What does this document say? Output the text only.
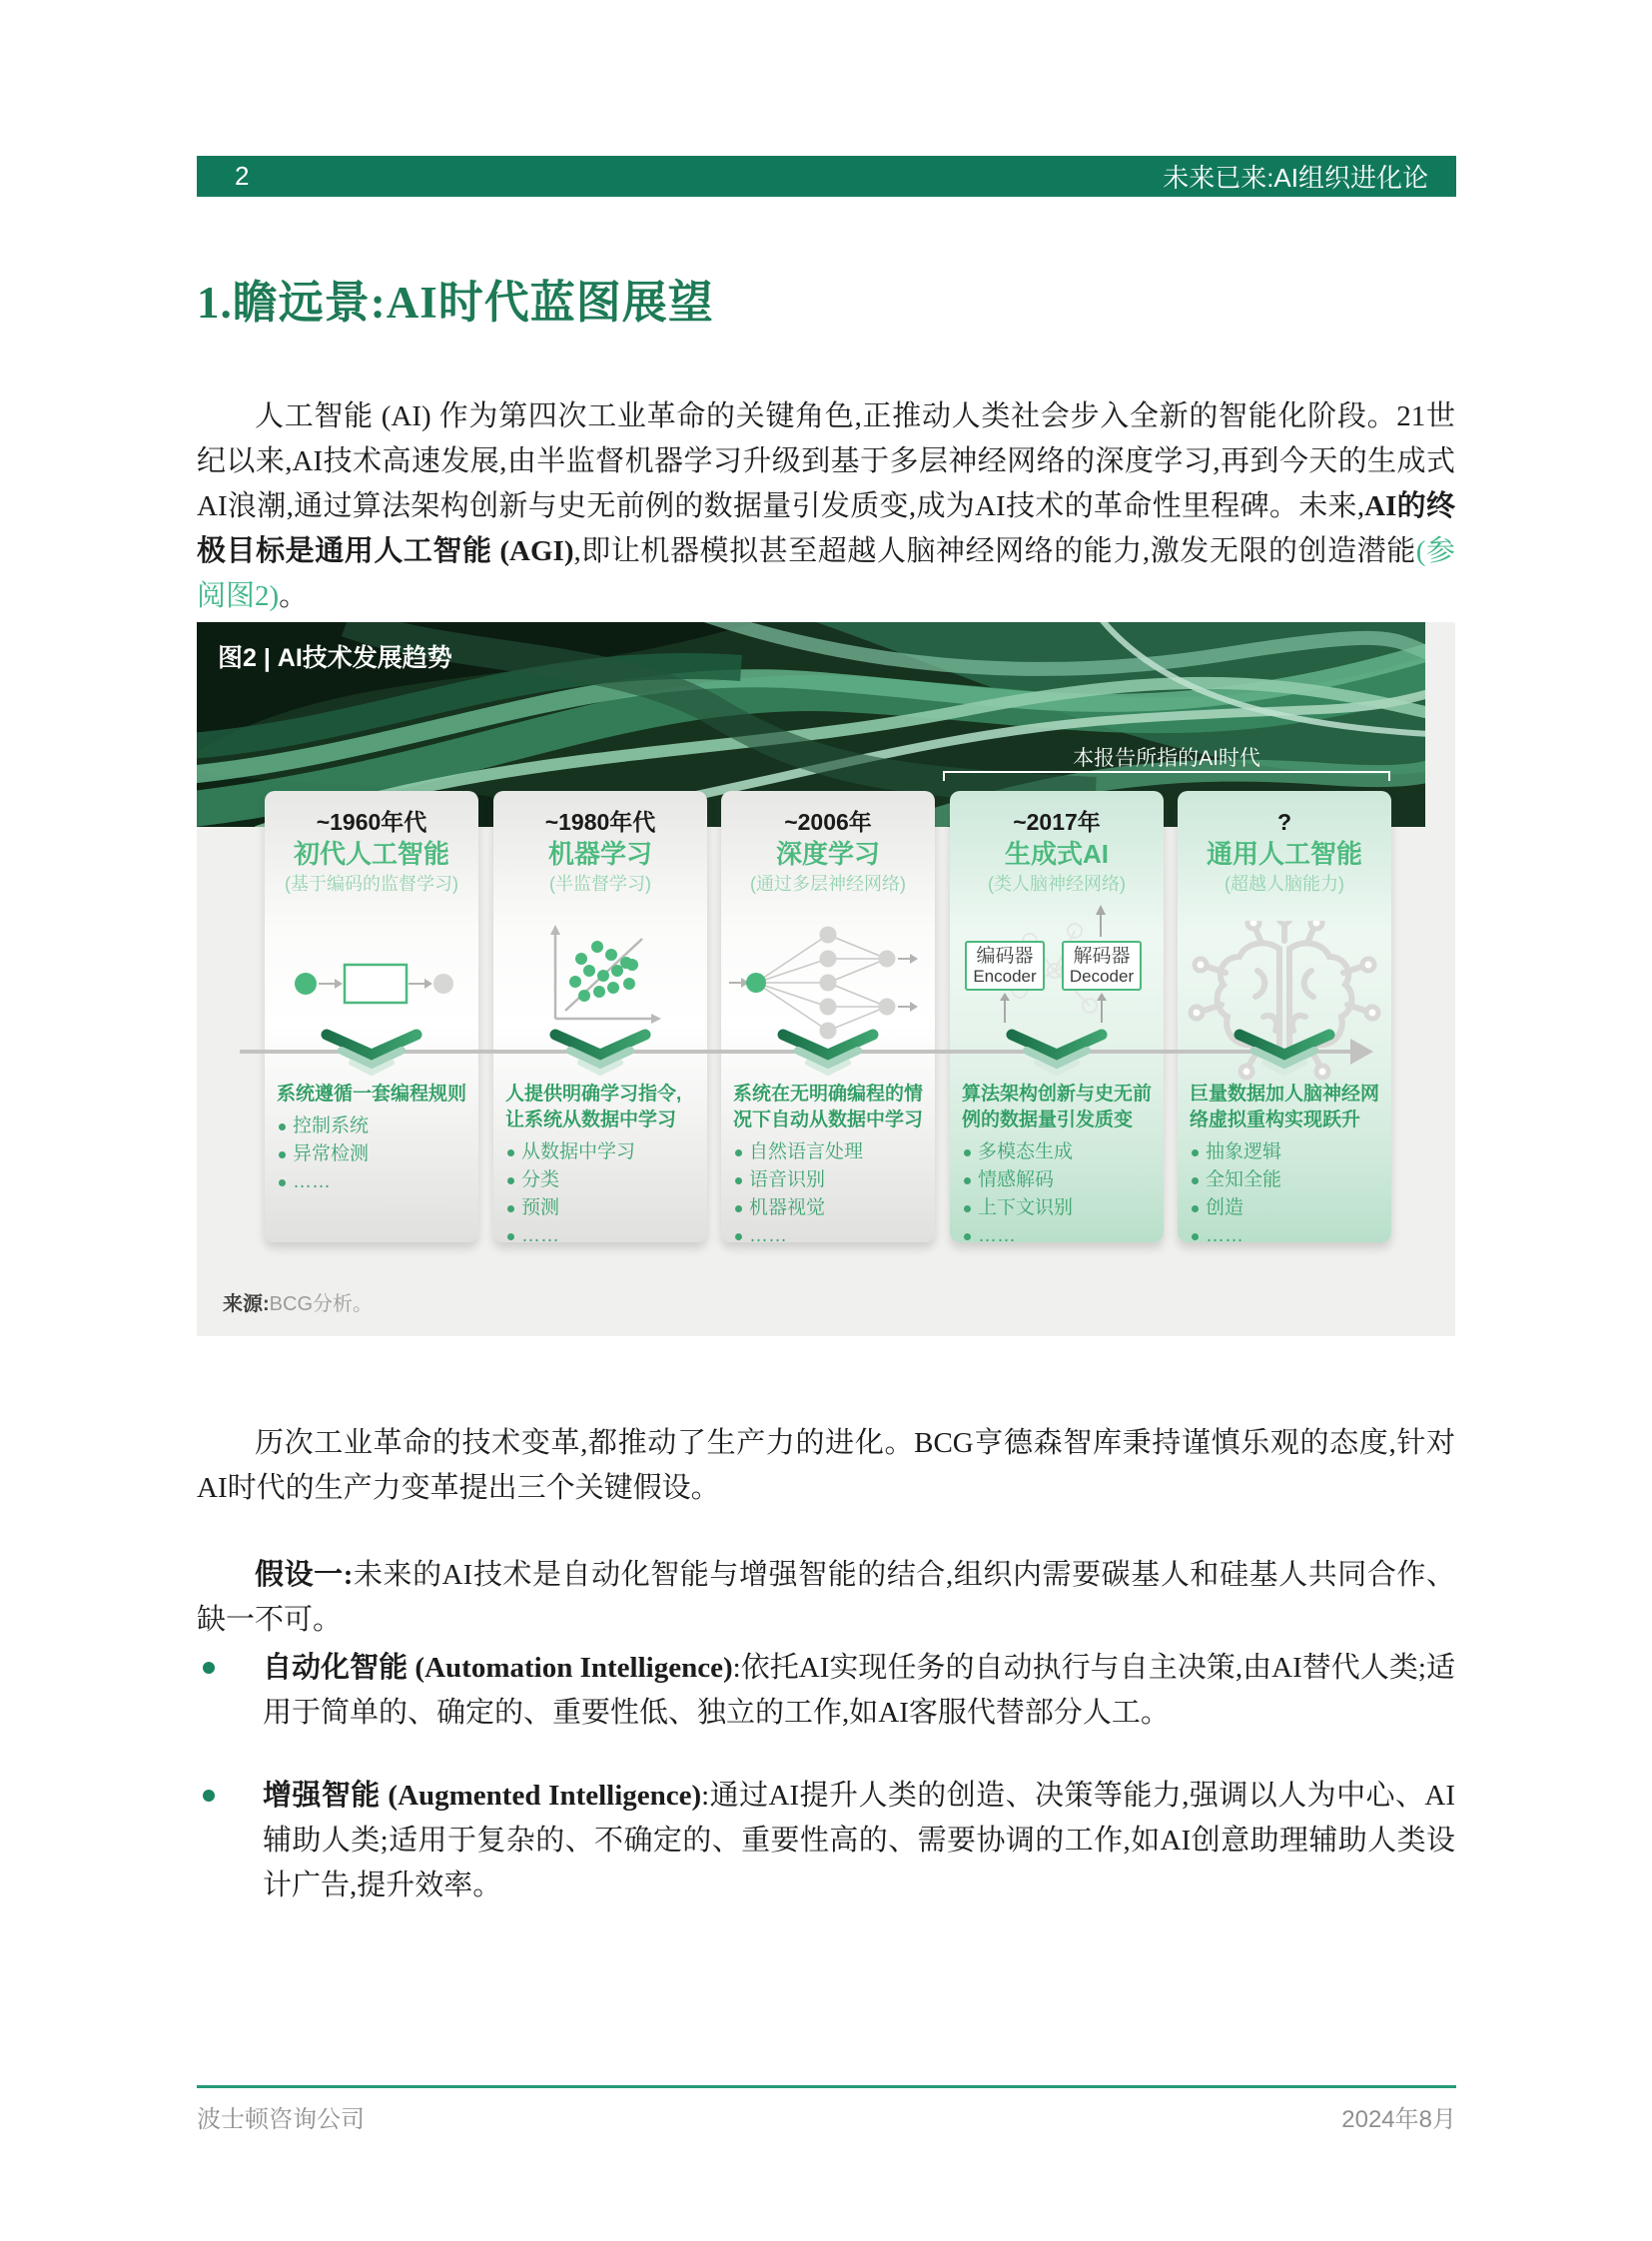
2	未来已来:AI组织进化论
1.瞻远景:AI时代蓝图展望

人工智能 (AI) 作为第四次工业革命的关键角色,正推动人类社会步入全新的智能化阶段。21世纪以来,AI技术高速发展,由半监督机器学习升级到基于多层神经网络的深度学习,再到今天的生成式AI浪潮,通过算法架构创新与史无前例的数据量引发质变,成为AI技术的革命性里程碑。未来,AI的终极目标是通用人工智能 (AGI),即让机器模拟甚至超越人脑神经网络的能力,激发无限的创造潜能(参阅图2)。

图2 | AI技术发展趋势
本报告所指的AI时代
~1960年代
初代人工智能
(基于编码的监督学习)
系统遵循一套编程规则
控制系统
异常检测
……
~1980年代
机器学习
(半监督学习)
人提供明确学习指令,让系统从数据中学习
从数据中学习
分类
预测
……
~2006年
深度学习
(通过多层神经网络)
系统在无明确编程的情况下自动从数据中学习
自然语言处理
语音识别
机器视觉
……
~2017年
生成式AI
(类人脑神经网络)
编码器
Encoder
解码器
Decoder
算法架构创新与史无前例的数据量引发质变
多模态生成
情感解码
上下文识别
……
?
通用人工智能
(超越人脑能力)
巨量数据加人脑神经网络虚拟重构实现跃升
抽象逻辑
全知全能
创造
……
来源:BCG分析。

历次工业革命的技术变革,都推动了生产力的进化。BCG亨德森智库秉持谨慎乐观的态度,针对AI时代的生产力变革提出三个关键假设。

假设一:未来的AI技术是自动化智能与增强智能的结合,组织内需要碳基人和硅基人共同合作、缺一不可。

自动化智能 (Automation Intelligence):依托AI实现任务的自动执行与自主决策,由AI替代人类;适用于简单的、确定的、重要性低、独立的工作,如AI客服代替部分人工。
增强智能 (Augmented Intelligence):通过AI提升人类的创造、决策等能力,强调以人为中心、AI辅助人类;适用于复杂的、不确定的、重要性高的、需要协调的工作,如AI创意助理辅助人类设计广告,提升效率。
波士顿咨询公司	2024年8月
